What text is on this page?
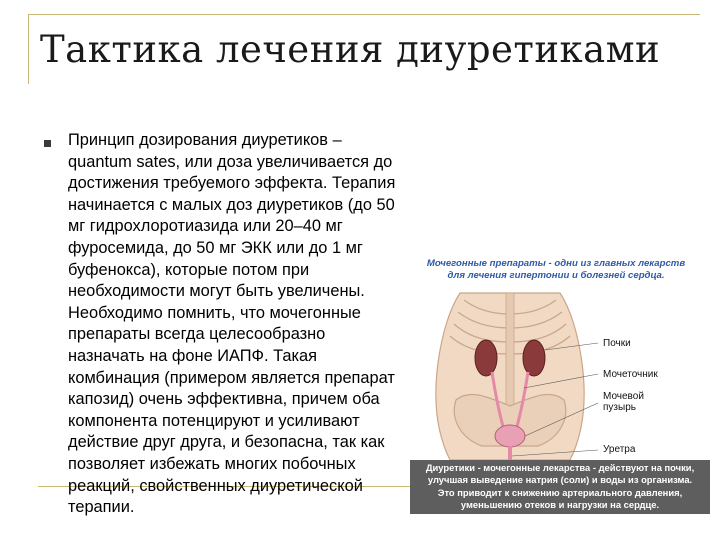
Тактика лечения диуретиками
Принцип дозирования диуретиков –
quantum sates, или доза увеличивается до
достижения требуемого эффекта. Терапия
начинается с малых доз диуретиков (до 50
мг гидрохлоротиазида или 20–40 мг
фуросемида, до 50 мг ЭКК или до 1 мг
буфенокса), которые потом при
необходимости могут быть увеличены.
Необходимо помнить, что мочегонные
препараты всегда целесообразно
назначать на фоне ИАПФ. Такая
комбинация (примером является препарат
капозид) очень эффективна, причем оба
компонента потенцируют и усиливают
действие друг друга, и безопасна, так как
позволяет избежать многих побочных
реакций, свойственных диуретической
терапии.
Мочегонные препараты - одни из главных лекарств
для лечения гипертонии и болезней сердца.
Почки
Мочеточник
Мочевой
пузырь
Уретра
Диуретики - мочегонные лекарства - действуют на почки,
улучшая выведение натрия (соли) и воды из организма.
Это приводит к снижению артериального давления,
уменьшению отеков и нагрузки на сердце.
